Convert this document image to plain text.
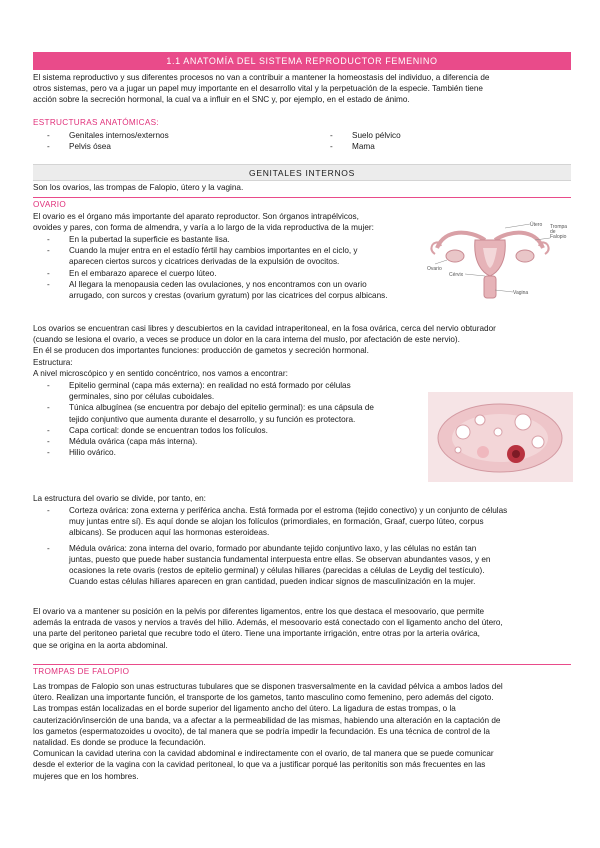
1.1 ANATOMÍA DEL SISTEMA REPRODUCTOR FEMENINO
El sistema reproductivo y sus diferentes procesos no van a contribuir a mantener la homeostasis del individuo, a diferencia de
otros sistemas, pero va a jugar un papel muy importante en el desarrollo vital y la perpetuación de la especie. También tiene
acción sobre la secreción hormonal, la cual va a influir en el SNC y, por ejemplo, en el estado de ánimo.
ESTRUCTURAS ANATÓMICAS:
- Genitales internos/externos
- Pelvis ósea
- Suelo pélvico
- Mama
GENITALES INTERNOS
Son los ovarios, las trompas de Falopio, útero y la vagina.
OVARIO
El ovario es el órgano más importante del aparato reproductor. Son órganos intrapélvicos,
ovoides y pares, con forma de almendra, y varía a lo largo de la vida reproductiva de la mujer:
- En la pubertad la superficie es bastante lisa.
- Cuando la mujer entra en el estadío fértil hay cambios importantes en el ciclo, y
aparecen ciertos surcos y cicatrices derivadas de la expulsión de ovocitos.
- En el embarazo aparece el cuerpo lúteo.
- Al llegara la menopausia ceden las ovulaciones, y nos encontramos con un ovario
arrugado, con surcos y crestas (ovarium gyratum) por las cicatrices del corpus albicans.
Útero Trompa de Falopio
Ovario
Cérvix
Vagina
Los ovarios se encuentran casi libres y descubiertos en la cavidad intraperitoneal, en la fosa ovárica, cerca del nervio obturador
(cuando se lesiona el ovario, a veces se produce un dolor en la cara interna del muslo, por afectación de este nervio).
En él se producen dos importantes funciones: producción de gametos y secreción hormonal.
Estructura:
A nivel microscópico y en sentido concéntrico, nos vamos a encontrar:
- Epitelio germinal (capa más externa): en realidad no está formado por células
germinales, sino por células cuboidales.
- Túnica albugínea (se encuentra por debajo del epitelio germinal): es una cápsula de
tejido conjuntivo que aumenta durante el desarrollo, y su función es protectora.
- Capa cortical: donde se encuentran todos los folículos.
- Médula ovárica (capa más interna).
- Hilio ovárico.
La estructura del ovario se divide, por tanto, en:
- Corteza ovárica: zona externa y periférica ancha. Está formada por el estroma (tejido conectivo) y un conjunto de células
muy juntas entre sí). Es aquí donde se alojan los folículos (primordiales, en formación, Graaf, cuerpo lúteo, corpus
albicans). Se producen aquí las hormonas esteroideas.
- Médula ovárica: zona interna del ovario, formado por abundante tejido conjuntivo laxo, y las células no están tan
juntas, puesto que puede haber sustancia fundamental interpuesta entre ellas. Se observan abundantes vasos, y en
ocasiones la rete ovaris (restos de epitelio germinal) y células hiliares (parecidas a células de Leydig del testículo).
Cuando estas células hiliares aparecen en gran cantidad, pueden indicar signos de masculinización en la mujer.
El ovario va a mantener su posición en la pelvis por diferentes ligamentos, entre los que destaca el mesoovario, que permite
además la entrada de vasos y nervios a través del hilio. Además, el mesoovario está conectado con el ligamento ancho del útero,
una parte del peritoneo parietal que recubre todo el útero. Tiene una importante irrigación, entre otras por la arteria ovárica,
que se origina en la aorta abdominal.
TROMPAS DE FALOPIO
Las trompas de Falopio son unas estructuras tubulares que se disponen trasversalmente en la cavidad pélvica a ambos lados del
útero. Realizan una importante función, el transporte de los gametos, tanto masculino como femenino, pero además del cigoto.
Las trompas están localizadas en el borde superior del ligamento ancho del útero. La ligadura de estas trompas, o la
cauterización/inserción de una banda, va a afectar a la permeabilidad de las mismas, habiendo una alteración en la captación de
los gametos (espermatozoides u ovocito), de tal manera que se podría impedir la fecundación. Es una técnica de control de la
natalidad. Es donde se produce la fecundación.
Comunican la cavidad uterina con la cavidad abdominal e indirectamente con el ovario, de tal manera que se puede comunicar
desde el exterior de la vagina con la cavidad peritoneal, lo que va a justificar porqué las peritonitis son más frecuentes en las
mujeres que en los hombres.
